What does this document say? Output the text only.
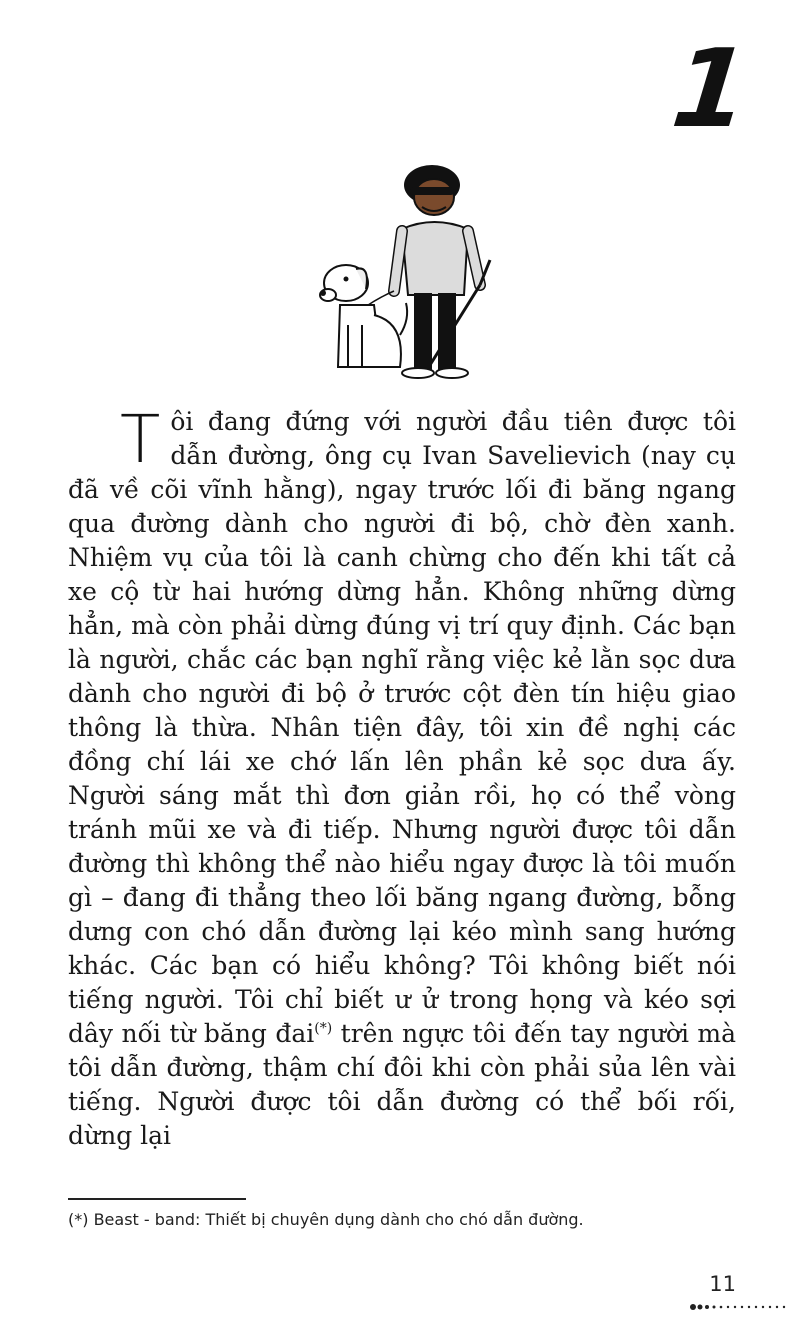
1

Tôi đang đứng với người đầu tiên được tôi dẫn đường, ông cụ Ivan Savelievich (nay cụ đã về cõi vĩnh hằng), ngay trước lối đi băng ngang qua đường dành cho người đi bộ, chờ đèn xanh. Nhiệm vụ của tôi là canh chừng cho đến khi tất cả xe cộ từ hai hướng dừng hẳn. Không những dừng hẳn, mà còn phải dừng đúng vị trí quy định. Các bạn là người, chắc các bạn nghĩ rằng việc kẻ lằn sọc dưa dành cho người đi bộ ở trước cột đèn tín hiệu giao thông là thừa. Nhân tiện đây, tôi xin đề nghị các đồng chí lái xe chớ lấn lên phần kẻ sọc dưa ấy. Người sáng mắt thì đơn giản rồi, họ có thể vòng tránh mũi xe và đi tiếp. Nhưng người được tôi dẫn đường thì không thể nào hiểu ngay được là tôi muốn gì – đang đi thẳng theo lối băng ngang đường, bỗng dưng con chó dẫn đường lại kéo mình sang hướng khác. Các bạn có hiểu không? Tôi không biết nói tiếng người. Tôi chỉ biết ư ử trong họng và kéo sợi dây nối từ băng đai(*) trên ngực tôi đến tay người mà tôi dẫn đường, thậm chí đôi khi còn phải sủa lên vài tiếng. Người được tôi dẫn đường có thể bối rối, dừng lại

(*) Beast - band: Thiết bị chuyên dụng dành cho chó dẫn đường.
11
